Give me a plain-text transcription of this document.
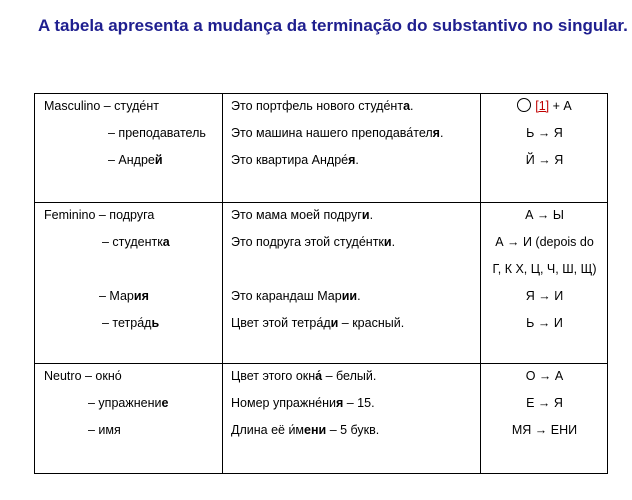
A tabela apresenta a mudança da terminação do substantivo no singular.
Masculino – студе́нт
– преподаватель
– Андрей
Это портфель нового студе́нта.
Это машина нашего преподава́теля.
Это квартира Андре́я.
[1] + А
Ь → Я
Й → Я
Feminino – подруга
– студентка
– Мария
– тетра́дь
Это мама моей подруги.
Это подруга этой студе́нтки.
Это карандаш Марии.
Цвет этой тетра́ди – красный.
А → Ы
А → И (depois do
Г, К Х, Ц, Ч, Ш, Щ)
Я → И
Ь → И
Neutro – окно́
– упражнение
– имя
Цвет этого окна́ – белый.
Номер упражне́ния – 15.
Длина её и́мени – 5 букв.
О → А
Е → Я
МЯ → ЕНИ
